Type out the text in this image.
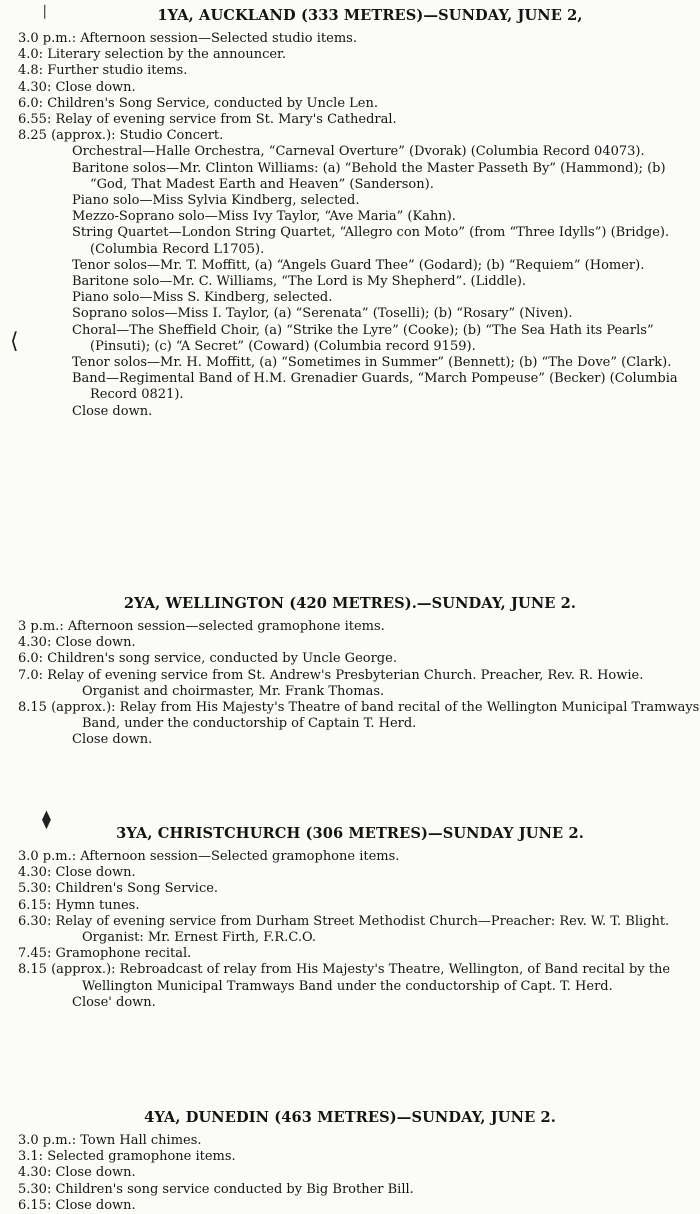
⎸
⟨
⧫
1YA, AUCKLAND (333 METRES)—SUNDAY, JUNE 2,

3.0 p.m.: Afternoon session—Selected studio items.

4.0: Literary selection by the announcer.

4.8: Further studio items.

4.30: Close down.

6.0: Children's Song Service, conducted by Uncle Len.

6.55: Relay of evening service from St. Mary's Cathedral.

8.25 (approx.): Studio Concert.

Orchestral—Halle Orchestra, “Carneval Overture” (Dvorak) (Columbia Record 04073).

Baritone solos—Mr. Clinton Williams: (a) “Behold the Master Passeth By” (Hammond); (b) “God, That Madest Earth and Heaven” (Sanderson).

Piano solo—Miss Sylvia Kindberg, selected.

Mezzo-Soprano solo—Miss Ivy Taylor, “Ave Maria” (Kahn).

String Quartet—London String Quartet, “Allegro con Moto” (from “Three Idylls”) (Bridge). (Columbia Record L1705).

Tenor solos—Mr. T. Moffitt, (a) “Angels Guard Thee” (Godard); (b) “Requiem” (Homer).

Baritone solo—Mr. C. Williams, “The Lord is My Shepherd”. (Liddle).

Piano solo—Miss S. Kindberg, selected.

Soprano solos—Miss I. Taylor, (a) “Serenata” (Toselli); (b) “Rosary” (Niven).

Choral—The Sheffield Choir, (a) “Strike the Lyre” (Cooke); (b) “The Sea Hath its Pearls” (Pinsuti); (c) “A Secret” (Coward) (Columbia record 9159).

Tenor solos—Mr. H. Moffitt, (a) “Sometimes in Summer” (Bennett); (b) “The Dove” (Clark).

Band—Regimental Band of H.M. Grenadier Guards, “March Pompeuse” (Becker) (Columbia Record 0821).

Close down.

2YA, WELLINGTON (420 METRES).—SUNDAY, JUNE 2.

3 p.m.: Afternoon session—selected gramophone items.

4.30: Close down.

6.0: Children's song service, conducted by Uncle George.

7.0: Relay of evening service from St. Andrew's Presbyterian Church. Preacher, Rev. R. Howie. Organist and choirmaster, Mr. Frank Thomas.

8.15 (approx.): Relay from His Majesty's Theatre of band recital of the Wellington Municipal Tramways Band, under the conductorship of Captain T. Herd.

Close down.

3YA, CHRISTCHURCH (306 METRES)—SUNDAY JUNE 2.

3.0 p.m.: Afternoon session—Selected gramophone items.

4.30: Close down.

5.30: Children's Song Service.

6.15: Hymn tunes.

6.30: Relay of evening service from Durham Street Methodist Church—Preacher: Rev. W. T. Blight. Organist: Mr. Ernest Firth, F.R.C.O.

7.45: Gramophone recital.

8.15 (approx.): Rebroadcast of relay from His Majesty's Theatre, Wellington, of Band recital by the Wellington Municipal Tramways Band under the conductorship of Capt. T. Herd.

Close' down.

4YA, DUNEDIN (463 METRES)—SUNDAY, JUNE 2.

3.0 p.m.: Town Hall chimes.

3.1: Selected gramophone items.

4.30: Close down.

5.30: Children's song service conducted by Big Brother Bill.

6.15: Close down.
